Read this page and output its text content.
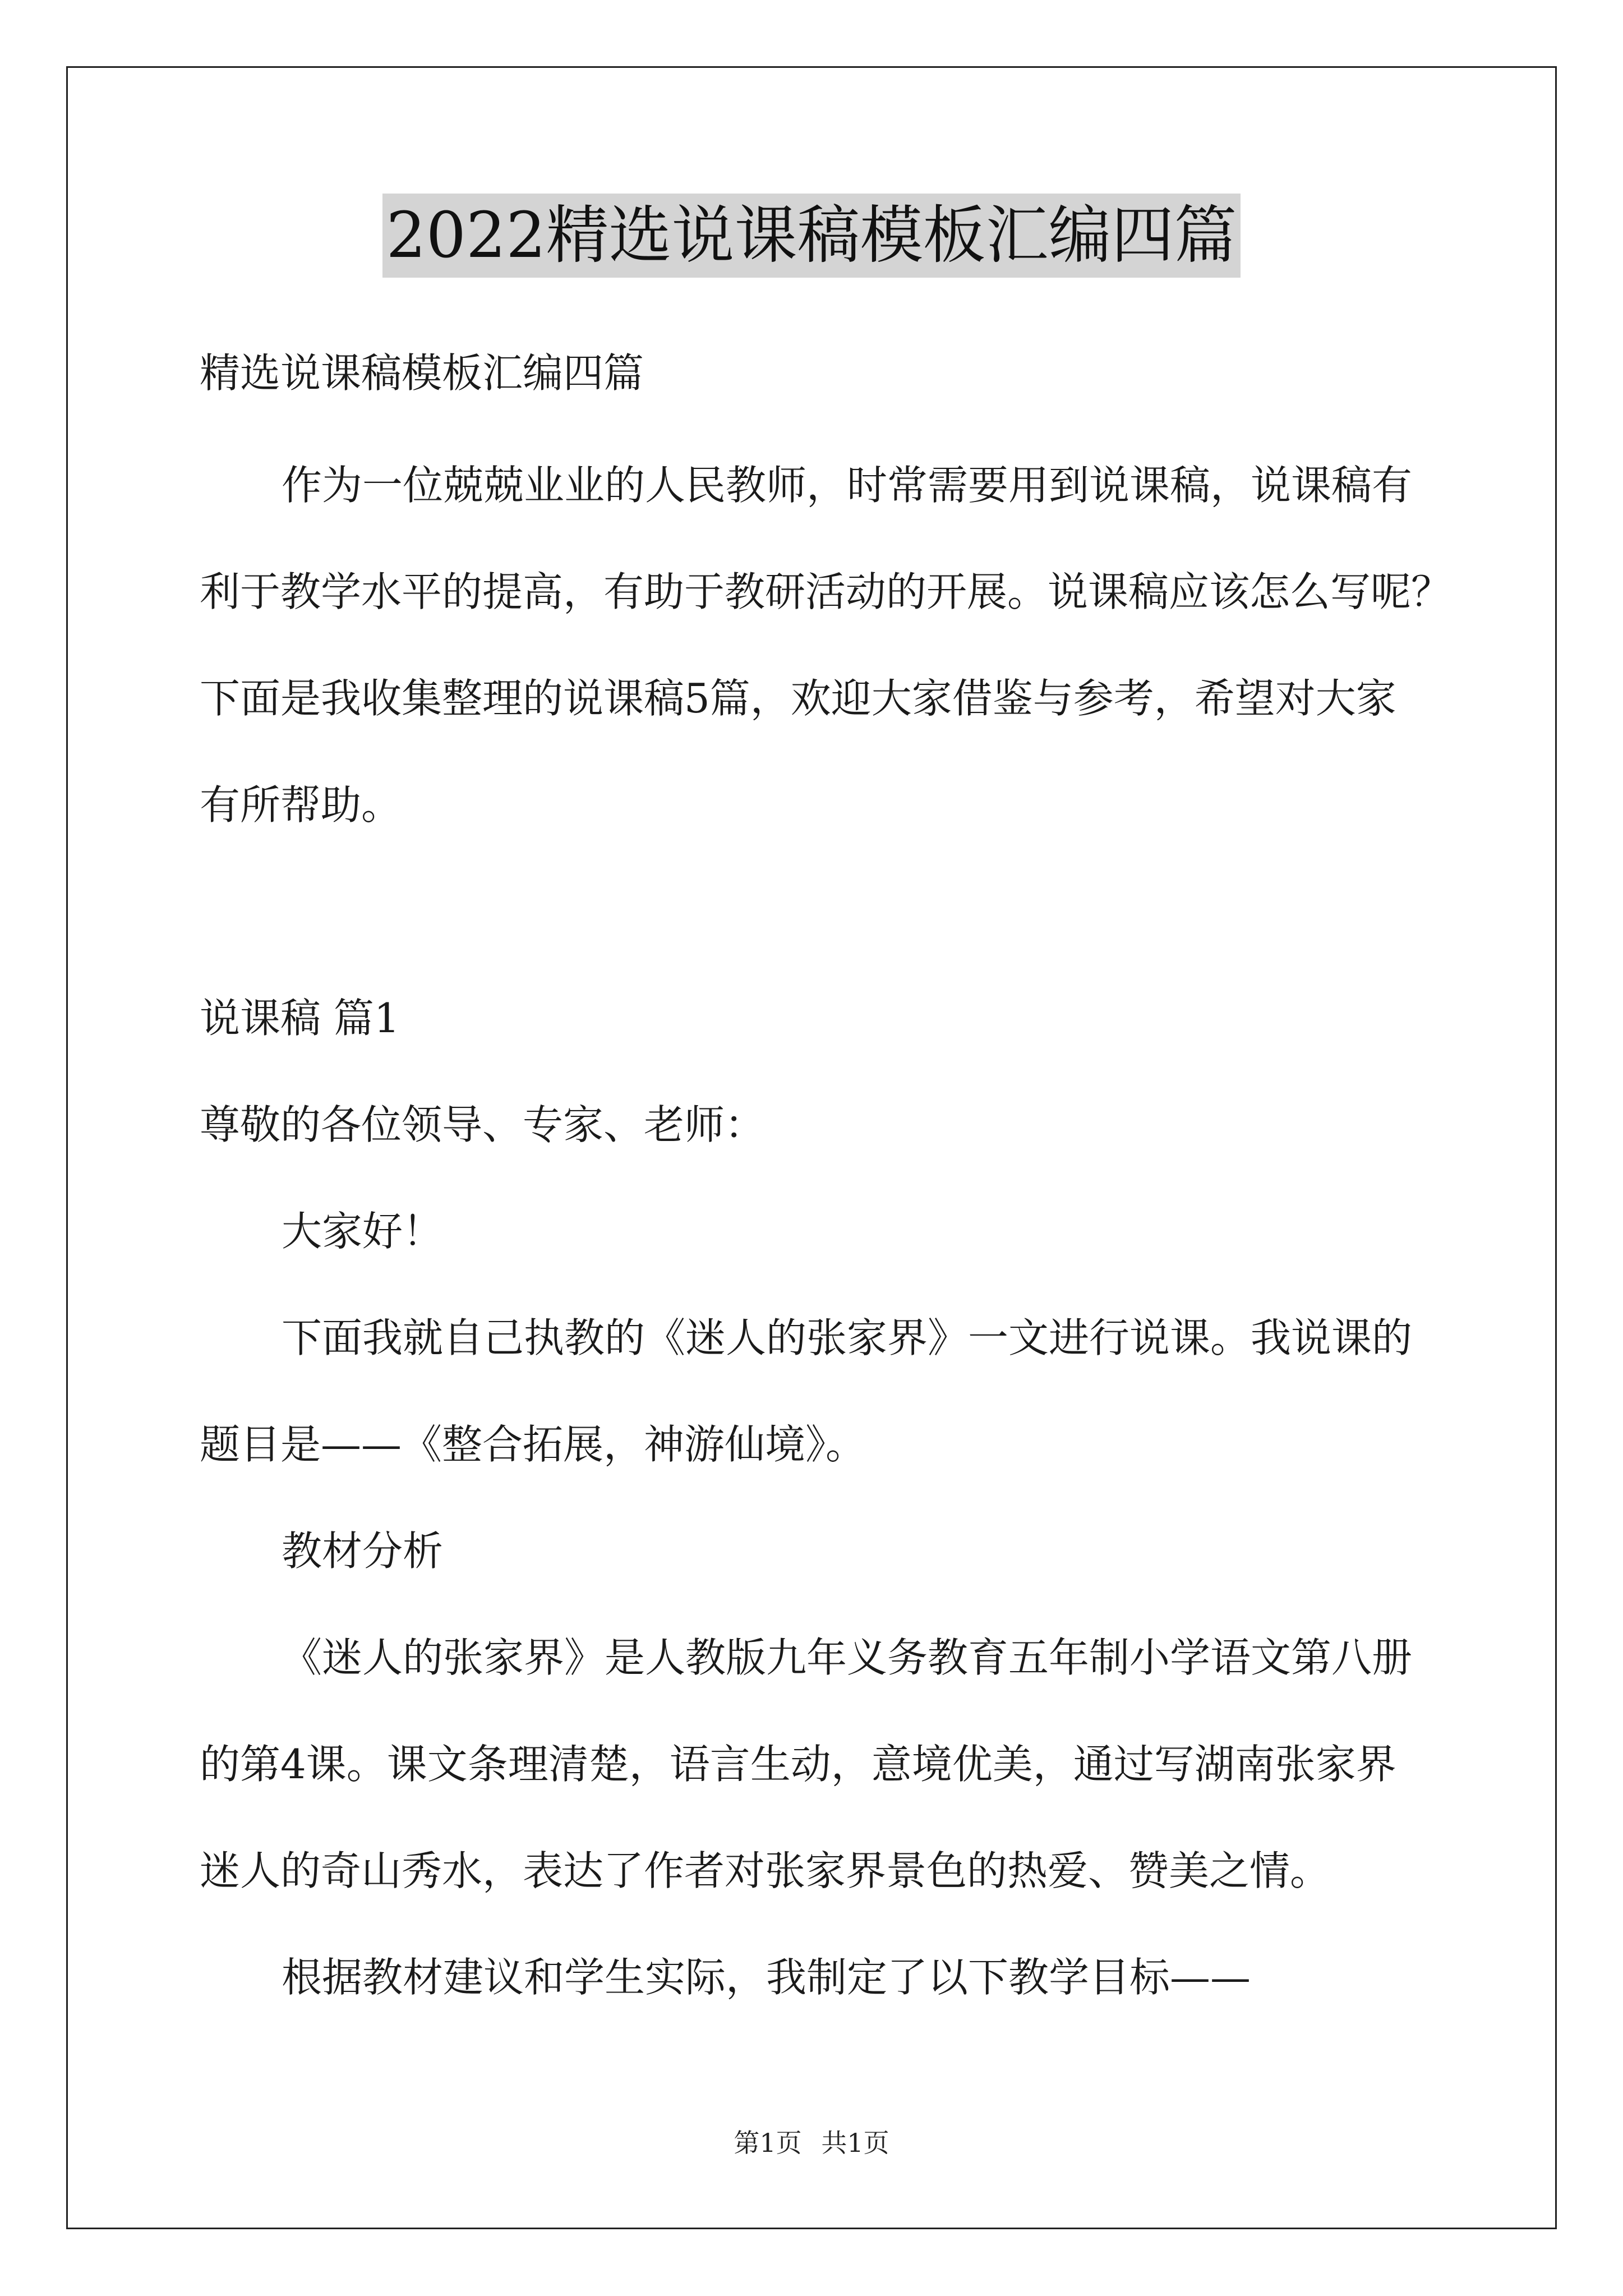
2022精选说课稿模板汇编四篇
精选说课稿模板汇编四篇
作为一位兢兢业业的人民教师，时常需要用到说课稿，说课稿有
利于教学水平的提高，有助于教研活动的开展。说课稿应该怎么写呢？
下面是我收集整理的说课稿5篇，欢迎大家借鉴与参考，希望对大家
有所帮助。
说课稿 篇1
尊敬的各位领导、专家、老师：
大家好！
下面我就自己执教的《迷人的张家界》一文进行说课。我说课的
题目是——《整合拓展，神游仙境》。
教材分析
《迷人的张家界》是人教版九年义务教育五年制小学语文第八册
的第4课。课文条理清楚，语言生动，意境优美，通过写湖南张家界
迷人的奇山秀水，表达了作者对张家界景色的热爱、赞美之情。
根据教材建议和学生实际，我制定了以下教学目标——
第1页 共1页
